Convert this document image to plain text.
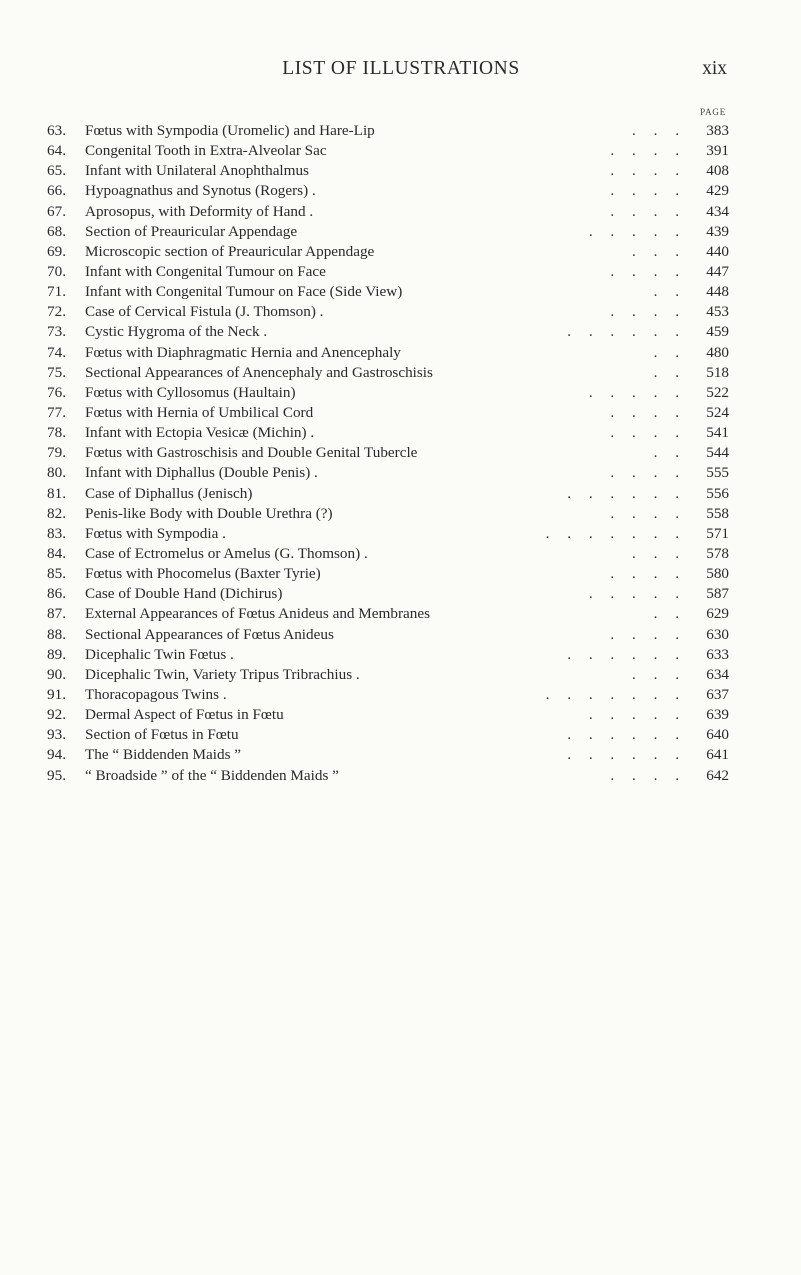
LIST OF ILLUSTRATIONS	xix
PAGE
63.	Fœtus with Sympodia (Uromelic) and Hare-Lip	. . .	383
64.	Congenital Tooth in Extra-Alveolar Sac	. . . .	391
65.	Infant with Unilateral Anophthalmus	. . . .	408
66.	Hypoagnathus and Synotus (Rogers) .	. . . .	429
67.	Aprosopus, with Deformity of Hand .	. . . .	434
68.	Section of Preauricular Appendage	. . . . .	439
69.	Microscopic section of Preauricular Appendage	. . .	440
70.	Infant with Congenital Tumour on Face	. . . .	447
71.	Infant with Congenital Tumour on Face (Side View)	. .	448
72.	Case of Cervical Fistula (J. Thomson) .	. . . .	453
73.	Cystic Hygroma of the Neck .	. . . . . .	459
74.	Fœtus with Diaphragmatic Hernia and Anencephaly	. .	480
75.	Sectional Appearances of Anencephaly and Gastroschisis	. .	518
76.	Fœtus with Cyllosomus (Haultain)	. . . . .	522
77.	Fœtus with Hernia of Umbilical Cord	. . . .	524
78.	Infant with Ectopia Vesicæ (Michin) .	. . . .	541
79.	Fœtus with Gastroschisis and Double Genital Tubercle	. .	544
80.	Infant with Diphallus (Double Penis) .	. . . .	555
81.	Case of Diphallus (Jenisch)	. . . . . .	556
82.	Penis-like Body with Double Urethra (?)	. . . .	558
83.	Fœtus with Sympodia .	. . . . . . .	571
84.	Case of Ectromelus or Amelus (G. Thomson) .	. . .	578
85.	Fœtus with Phocomelus (Baxter Tyrie)	. . . .	580
86.	Case of Double Hand (Dichirus)	. . . . .	587
87.	External Appearances of Fœtus Anideus and Membranes	. .	629
88.	Sectional Appearances of Fœtus Anideus	. . . .	630
89.	Dicephalic Twin Fœtus .	. . . . . .	633
90.	Dicephalic Twin, Variety Tripus Tribrachius .	. . .	634
91.	Thoracopagous Twins .	. . . . . . .	637
92.	Dermal Aspect of Fœtus in Fœtu	. . . . .	639
93.	Section of Fœtus in Fœtu	. . . . . .	640
94.	The “ Biddenden Maids ”	. . . . . .	641
95.	“ Broadside ” of the “ Biddenden Maids ”	. . . .	642
